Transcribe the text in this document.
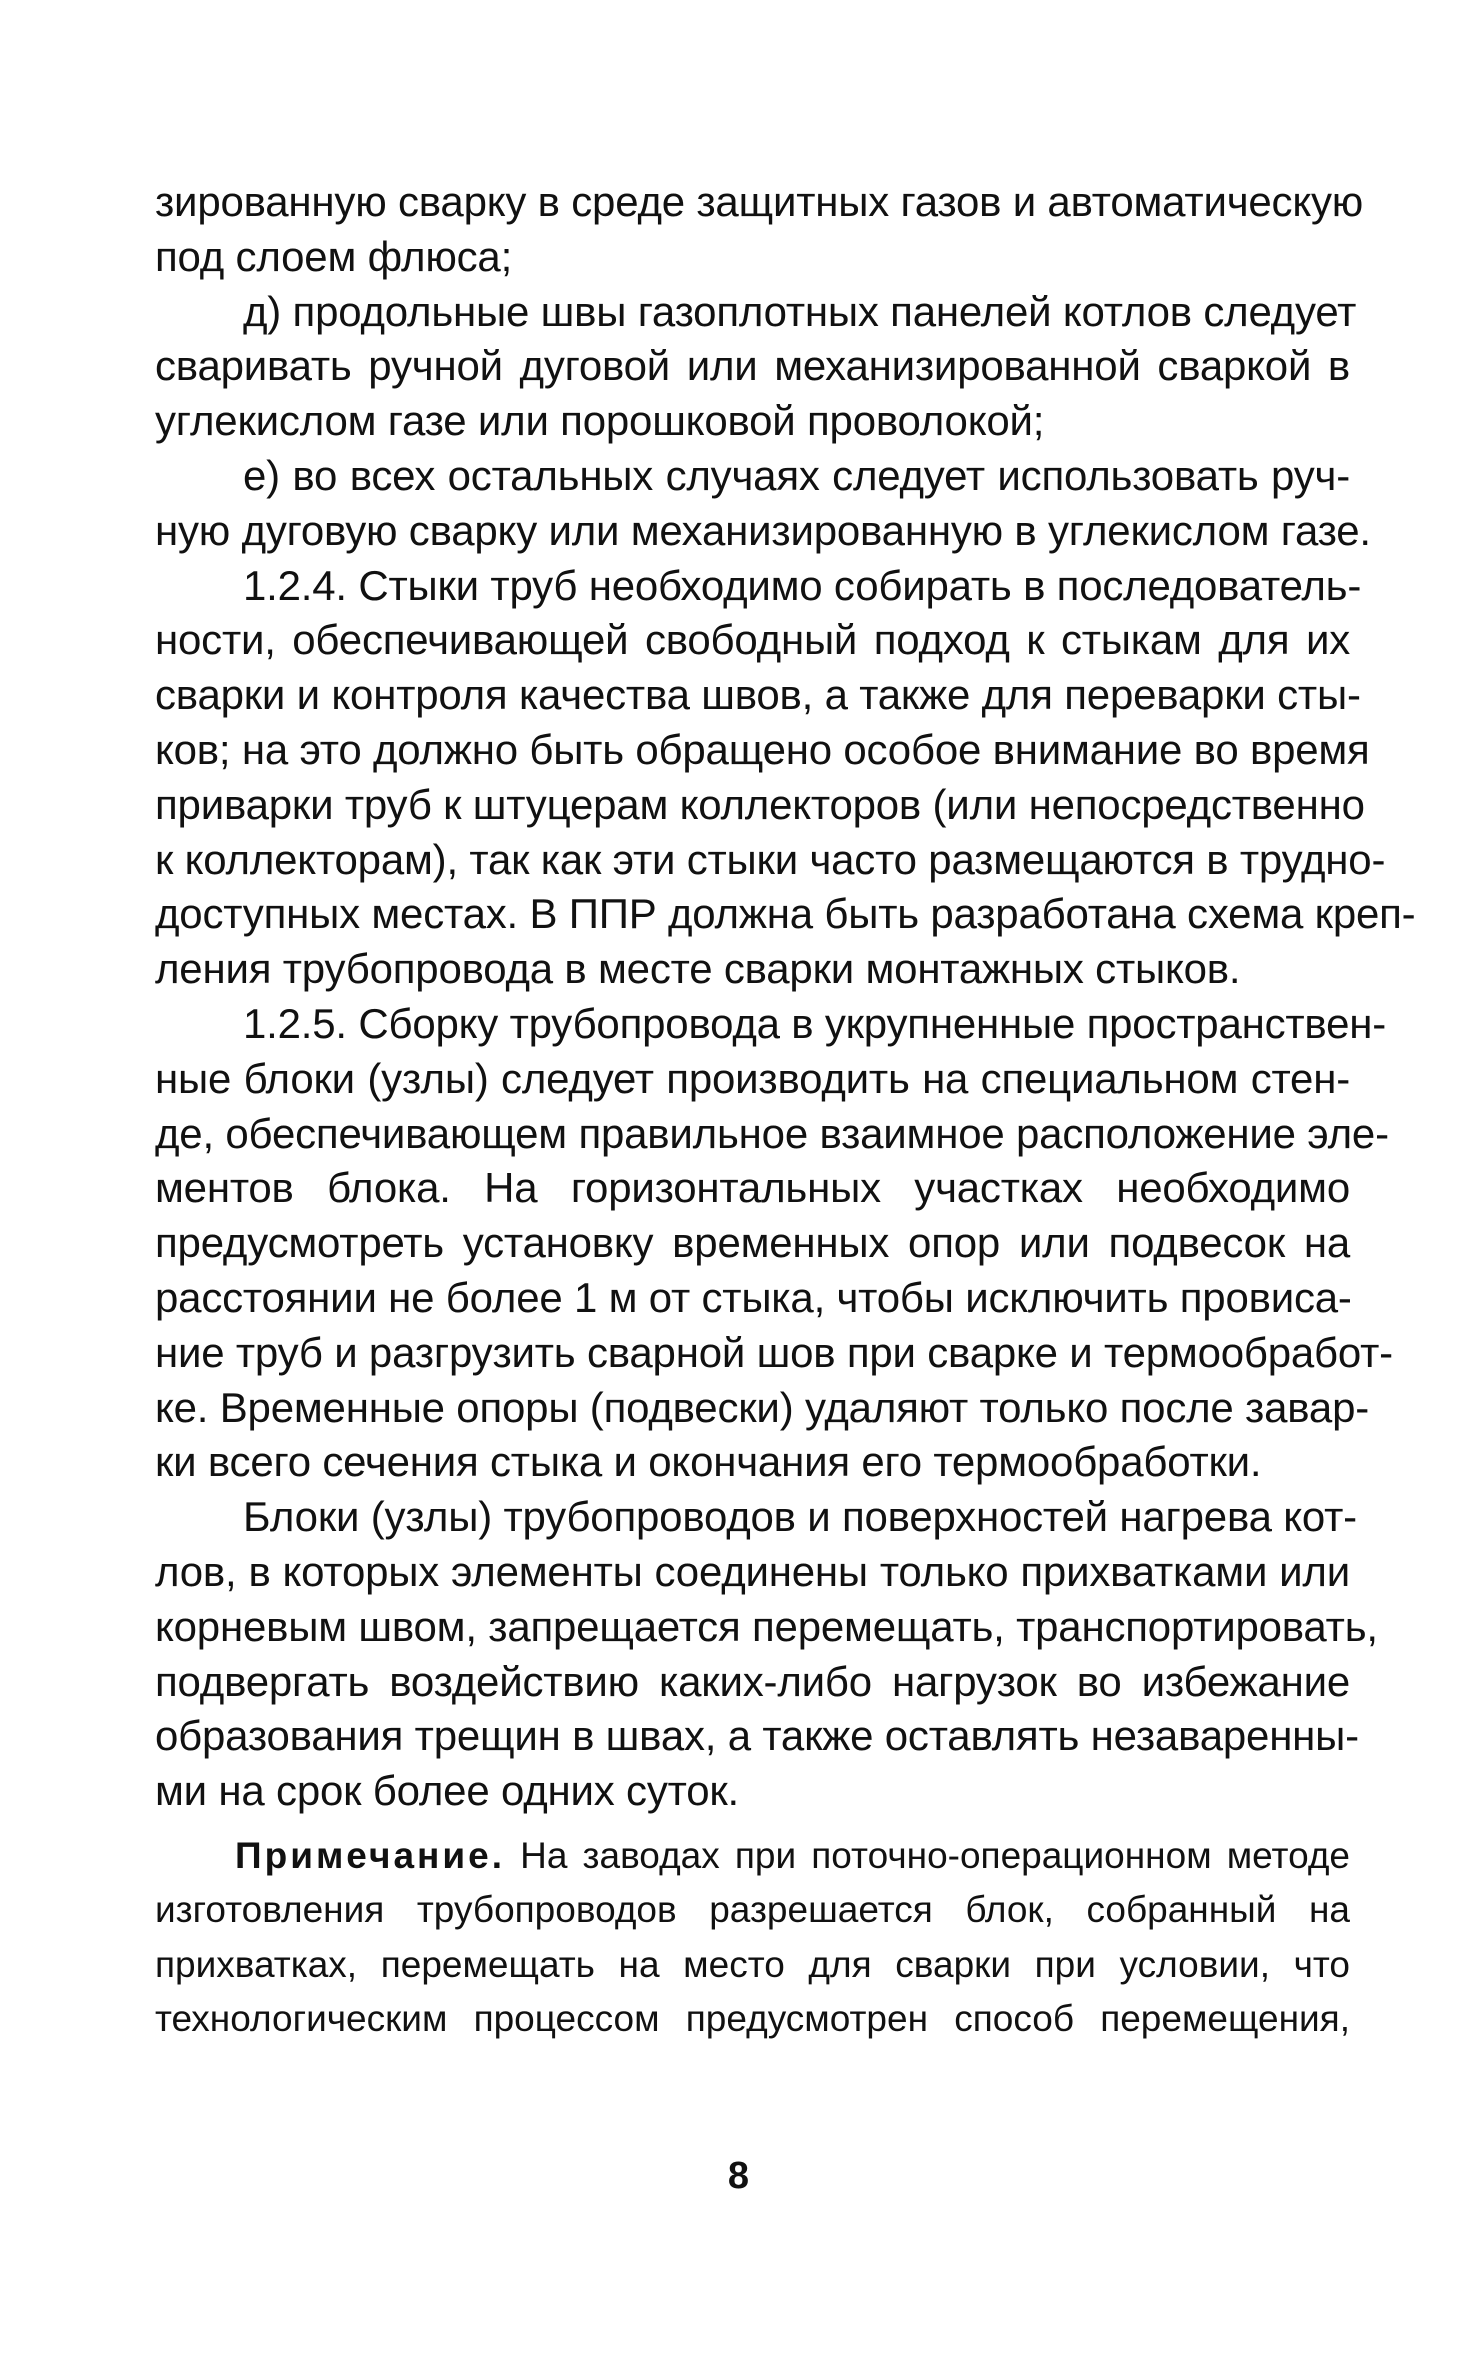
зированную сварку в среде защитных газов и автоматическую
под слоем флюса;
д) продольные швы газоплотных панелей котлов следует
сваривать ручной дуговой или механизированной сваркой в
углекислом газе или порошковой проволокой;
е) во всех остальных случаях следует использовать руч-
ную дуговую сварку или механизированную в углекислом газе.
1.2.4. Стыки труб необходимо собирать в последователь-
ности, обеспечивающей свободный подход к стыкам для их
сварки и контроля качества швов, а также для переварки сты-
ков; на это должно быть обращено особое внимание во время
приварки труб к штуцерам коллекторов (или непосредственно
к коллекторам), так как эти стыки часто размещаются в трудно-
доступных местах. В ППР должна быть разработана схема креп-
ления трубопровода в месте сварки монтажных стыков.
1.2.5. Сборку трубопровода в укрупненные пространствен-
ные блоки (узлы) следует производить на специальном стен-
де, обеспечивающем правильное взаимное расположение эле-
ментов блока. На горизонтальных участках необходимо
предусмотреть установку временных опор или подвесок на
расстоянии не более 1 м от стыка, чтобы исключить провиса-
ние труб и разгрузить сварной шов при сварке и термообработ-
ке. Временные опоры (подвески) удаляют только после завар-
ки всего сечения стыка и окончания его термообработки.
Блоки (узлы) трубопроводов и поверхностей нагрева кот-
лов, в которых элементы соединены только прихватками или
корневым швом, запрещается перемещать, транспортировать,
подвергать воздействию каких-либо нагрузок во избежание
образования трещин в швах, а также оставлять незаваренны-
ми на срок более одних суток.
Примечание. На заводах при поточно-операционном методе
изготовления трубопроводов разрешается блок, собранный на
прихватках, перемещать на место для сварки при условии, что
технологическим процессом предусмотрен способ перемещения,
8
